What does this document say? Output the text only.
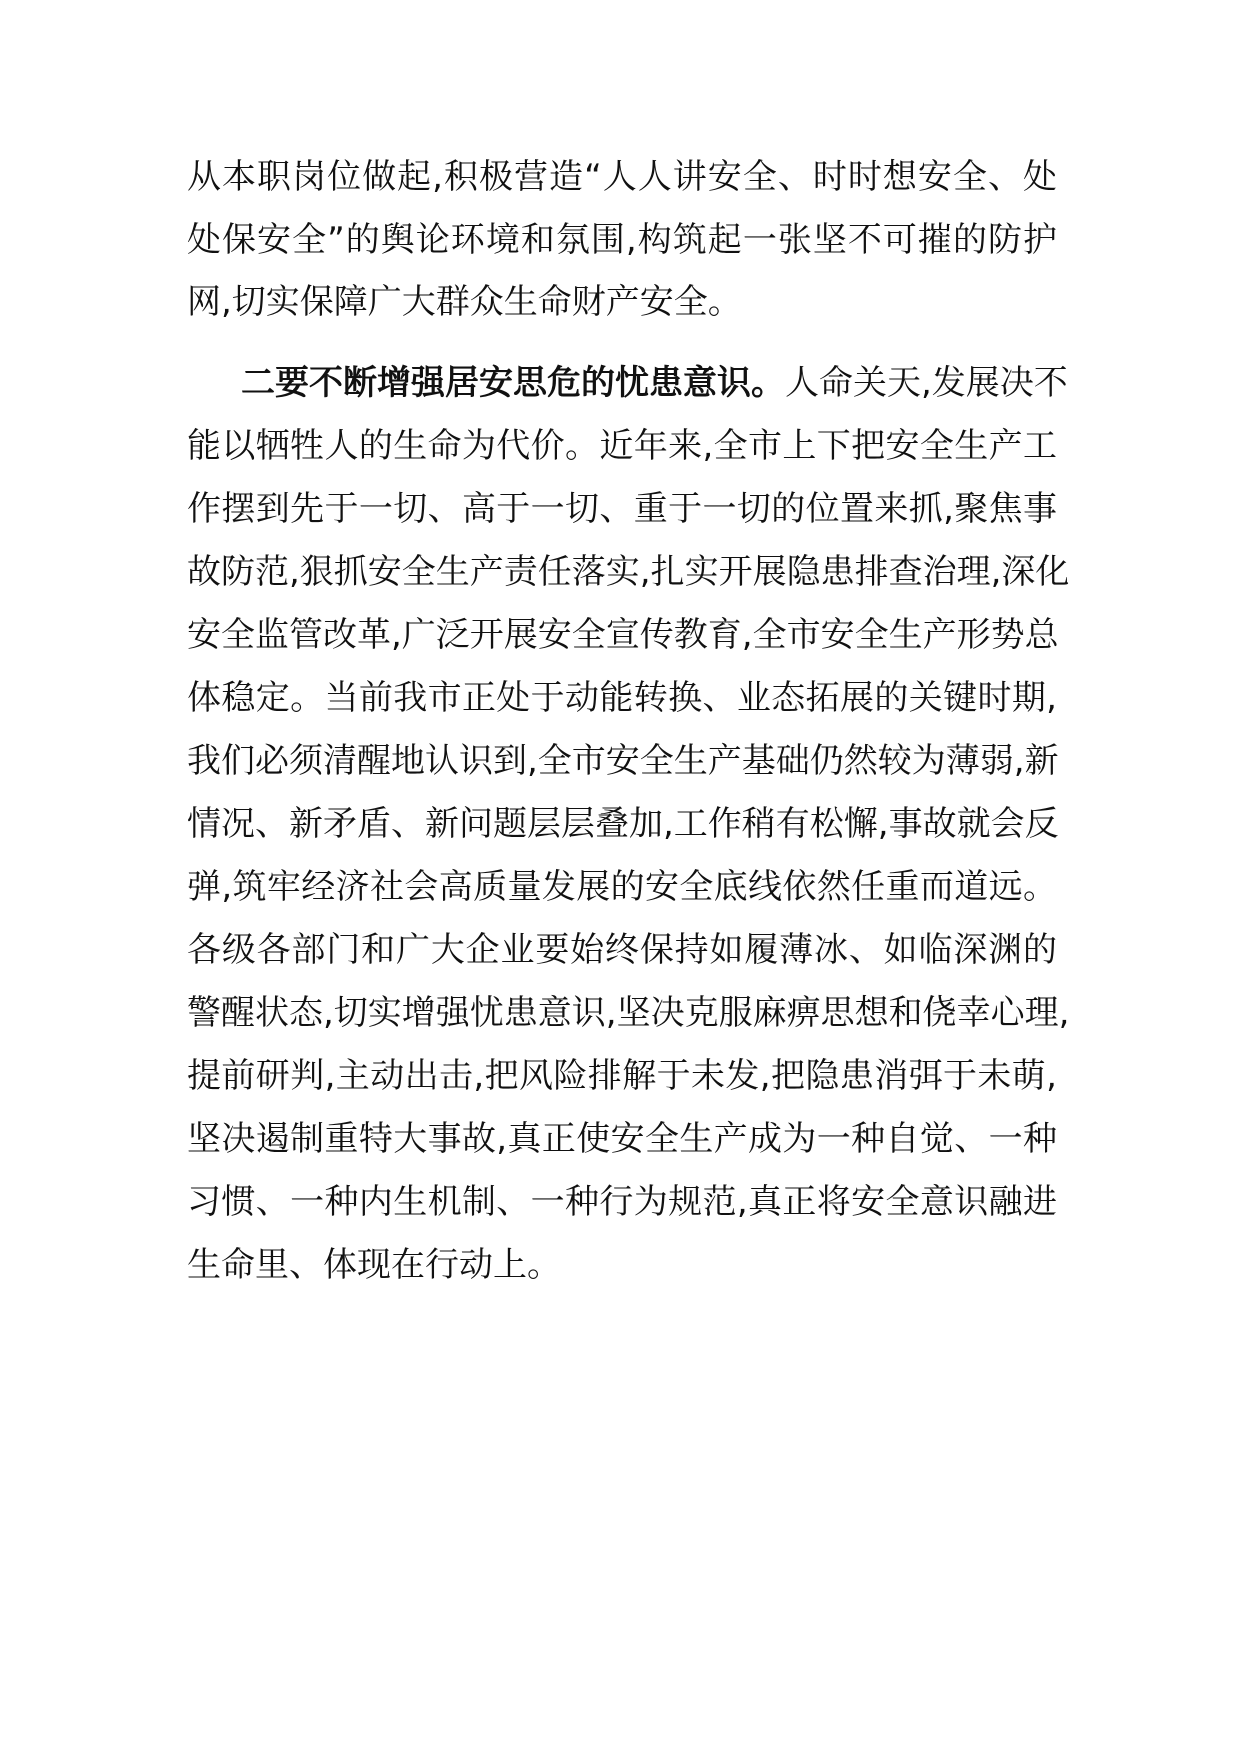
从本职岗位做起,积极营造“人人讲安全、时时想安全、处

处保安全”的舆论环境和氛围,构筑起一张坚不可摧的防护

网,切实保障广大群众生命财产安全。

二要不断增强居安思危的忧患意识。人命关天,发展决不

能以牺牲人的生命为代价。近年来,全市上下把安全生产工

作摆到先于一切、高于一切、重于一切的位置来抓,聚焦事

故防范,狠抓安全生产责任落实,扎实开展隐患排查治理,深化

安全监管改革,广泛开展安全宣传教育,全市安全生产形势总

体稳定。当前我市正处于动能转换、业态拓展的关键时期,

我们必须清醒地认识到,全市安全生产基础仍然较为薄弱,新

情况、新矛盾、新问题层层叠加,工作稍有松懈,事故就会反

弹,筑牢经济社会高质量发展的安全底线依然任重而道远。

各级各部门和广大企业要始终保持如履薄冰、如临深渊的

警醒状态,切实增强忧患意识,坚决克服麻痹思想和侥幸心理,

提前研判,主动出击,把风险排解于未发,把隐患消弭于未萌,

坚决遏制重特大事故,真正使安全生产成为一种自觉、一种

习惯、一种内生机制、一种行为规范,真正将安全意识融进

生命里、体现在行动上。
